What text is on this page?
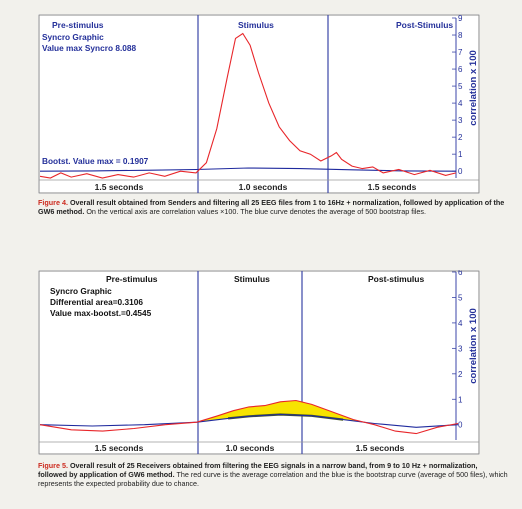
0
1
2
3
4
5
6
7
8
9
correlation x 100
Pre-stimulus	Stimulus	Post-Stimulus
Syncro Graphic
Value max Syncro 8.088
Bootst. Value max = 0.1907
1.5 seconds	1.0 seconds	1.5 seconds
Figure 4. Overall result obtained from Senders and filtering all 25 EEG files from 1 to 16Hz + normalization, followed by application of the GW6 method. On the vertical axis are correlation values ×100. The blue curve denotes the average of 500 bootstrap files.
0
1
2
3
4
5
6
correlation x 100
Pre-stimulus	Stimulus	Post-stimulus
Syncro Graphic
Differential area=0.3106
Value max-bootst.=0.4545
1.5 seconds	1.0 seconds	1.5 seconds
Figure 5. Overall result of 25 Receivers obtained from filtering the EEG signals in a narrow band, from 9 to 10 Hz + normalization, followed by application of GW6 method. The red curve is the average correlation and the blue is the bootstrap curve (average of 500 files), which represents the expected probability due to chance.
